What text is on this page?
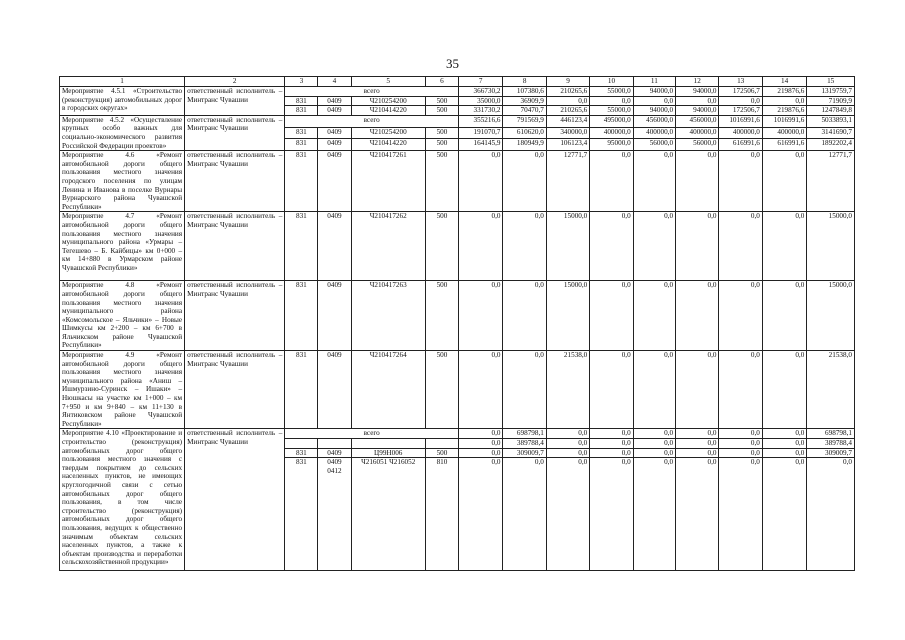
35
1	2	3	4	5	6	7	8	9	10	11	12	13	14	15
Мероприятие 4.5.1 «Строительство (реконструкция) автомобильных дорог в городских округах»	ответственный исполнитель – Минтранс Чувашии	всего				366730,2	107380,6	210265,6	55000,0	94000,0	94000,0	172506,7	219876,6	1319759,7
		831	0409	Ч210254200	500	35000,0	36909,9	0,0	0,0	0,0	0,0	0,0	0,0	71909,9
		831	0409	Ч210414220	500	331730,2	70470,7	210265,6	55000,0	94000,0	94000,0	172506,7	219876,6	1247849,8
Мероприятие 4.5.2 «Осуществление крупных особо важных для социально-экономического развития Российской Федерации проектов»	ответственный исполнитель – Минтранс Чувашии	всего				355216,6	791569,9	446123,4	495000,0	456000,0	456000,0	1016991,6	1016991,6	5033893,1
		831	0409	Ч210254200	500	191070,7	610620,0	340000,0	400000,0	400000,0	400000,0	400000,0	400000,0	3141690,7
		831	0409	Ч210414220	500	164145,9	180949,9	106123,4	95000,0	56000,0	56000,0	616991,6	616991,6	1892202,4
Мероприятие 4.6 «Ремонт автомобильной дороги общего пользования местного значения городского поселения по улицам Ленина и Иванова в поселке Вурнары Вурнарского района Чувашской Республики»	ответственный исполнитель – Минтранс Чувашии	831	0409	Ч210417261	500	0,0	0,0	12771,7	0,0	0,0	0,0	0,0	0,0	12771,7
Мероприятие 4.7 «Ремонт автомобильной дороги общего пользования местного значения муниципального района «Урмары – Тегешево – Б. Кайбицы» км 0+000 – км 14+880 в Урмарском районе Чувашской Республики»	ответственный исполнитель – Минтранс Чувашии	831	0409	Ч210417262	500	0,0	0,0	15000,0	0,0	0,0	0,0	0,0	0,0	15000,0
Мероприятие 4.8 «Ремонт автомобильной дороги общего пользования местного значения муниципального района «Комсомольское – Яльчики» – Новые Шимкусы км 2+200 – км 6+700 в Яльчикском районе Чувашской Республики»	ответственный исполнитель – Минтранс Чувашии	831	0409	Ч210417263	500	0,0	0,0	15000,0	0,0	0,0	0,0	0,0	0,0	15000,0
Мероприятие 4.9 «Ремонт автомобильной дороги общего пользования местного значения муниципального района «Аниш – Ишмурзино-Суринск – Ишаки» – Нюшкасы на участке км 1+000 – км 7+950 и км 9+840 – км 11+130 в Янтиковском районе Чувашской Республики»	ответственный исполнитель – Минтранс Чувашии	831	0409	Ч210417264	500	0,0	0,0	21538,0	0,0	0,0	0,0	0,0	0,0	21538,0
Мероприятие 4.10 «Проектирование и строительство (реконструкция) автомобильных дорог общего пользования местного значения с твердым покрытием до сельских населенных пунктов, не имеющих круглогодичной связи с сетью автомобильных дорог общего пользования, в том числе строительство (реконструкция) автомобильных дорог общего пользования, ведущих к общественно значимым объектам сельских населенных пунктов, а также к объектам производства и переработки сельскохозяйственной продукции»	ответственный исполнитель – Минтранс Чувашии	всего				0,0	698798,1	0,0	0,0	0,0	0,0	0,0	0,0	698798,1
						0,0	389788,4	0,0	0,0	0,0	0,0	0,0	0,0	389788,4
		831	0409	Ц99Н006	500	0,0	309009,7	0,0	0,0	0,0	0,0	0,0	0,0	309009,7
		831	0409 0412	Ч216051 Ч216052	810	0,0	0,0	0,0	0,0	0,0	0,0	0,0	0,0	0,0
